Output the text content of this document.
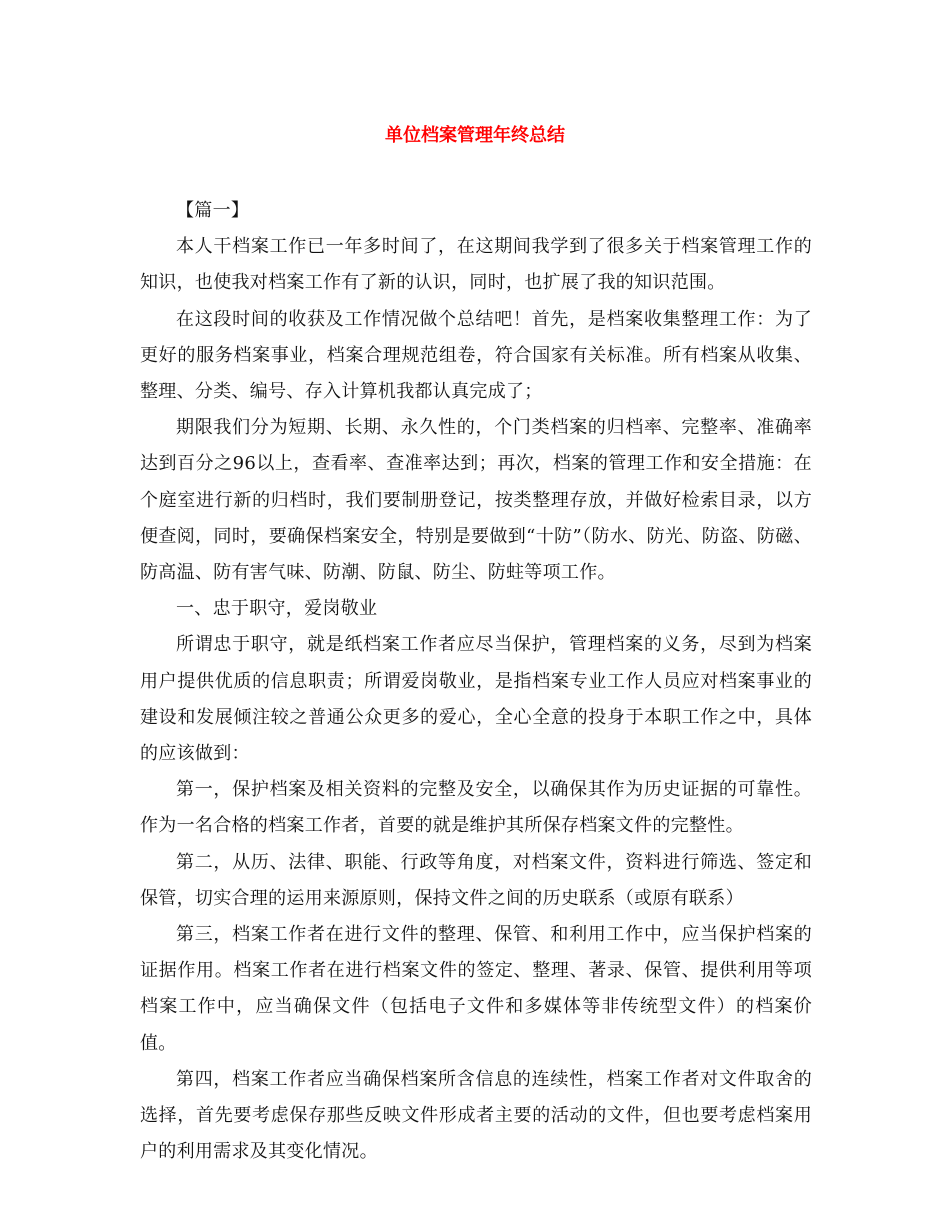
单位档案管理年终总结

【篇一】

本人干档案工作已一年多时间了，在这期间我学到了很多关于档案管理工作的知识，也使我对档案工作有了新的认识，同时，也扩展了我的知识范围。

在这段时间的收获及工作情况做个总结吧！首先，是档案收集整理工作：为了更好的服务档案事业，档案合理规范组卷，符合国家有关标准。所有档案从收集、整理、分类、编号、存入计算机我都认真完成了；

期限我们分为短期、长期、永久性的，个门类档案的归档率、完整率、准确率达到百分之96以上，查看率、查准率达到；再次，档案的管理工作和安全措施：在个庭室进行新的归档时，我们要制册登记，按类整理存放，并做好检索目录，以方便查阅，同时，要确保档案安全，特别是要做到“十防”（防水、防光、防盗、防磁、防高温、防有害气味、防潮、防鼠、防尘、防蛀等项工作。

一、忠于职守，爱岗敬业

所谓忠于职守，就是纸档案工作者应尽当保护，管理档案的义务，尽到为档案用户提供优质的信息职责；所谓爱岗敬业，是指档案专业工作人员应对档案事业的建设和发展倾注较之普通公众更多的爱心，全心全意的投身于本职工作之中，具体的应该做到：

第一，保护档案及相关资料的完整及安全，以确保其作为历史证据的可靠性。作为一名合格的档案工作者，首要的就是维护其所保存档案文件的完整性。

第二，从历、法律、职能、行政等角度，对档案文件，资料进行筛选、签定和保管，切实合理的运用来源原则，保持文件之间的历史联系（或原有联系）

第三，档案工作者在进行文件的整理、保管、和利用工作中，应当保护档案的证据作用。档案工作者在进行档案文件的签定、整理、著录、保管、提供利用等项档案工作中，应当确保文件（包括电子文件和多媒体等非传统型文件）的档案价值。

第四，档案工作者应当确保档案所含信息的连续性，档案工作者对文件取舍的选择，首先要考虑保存那些反映文件形成者主要的活动的文件，但也要考虑档案用户的利用需求及其变化情况。
